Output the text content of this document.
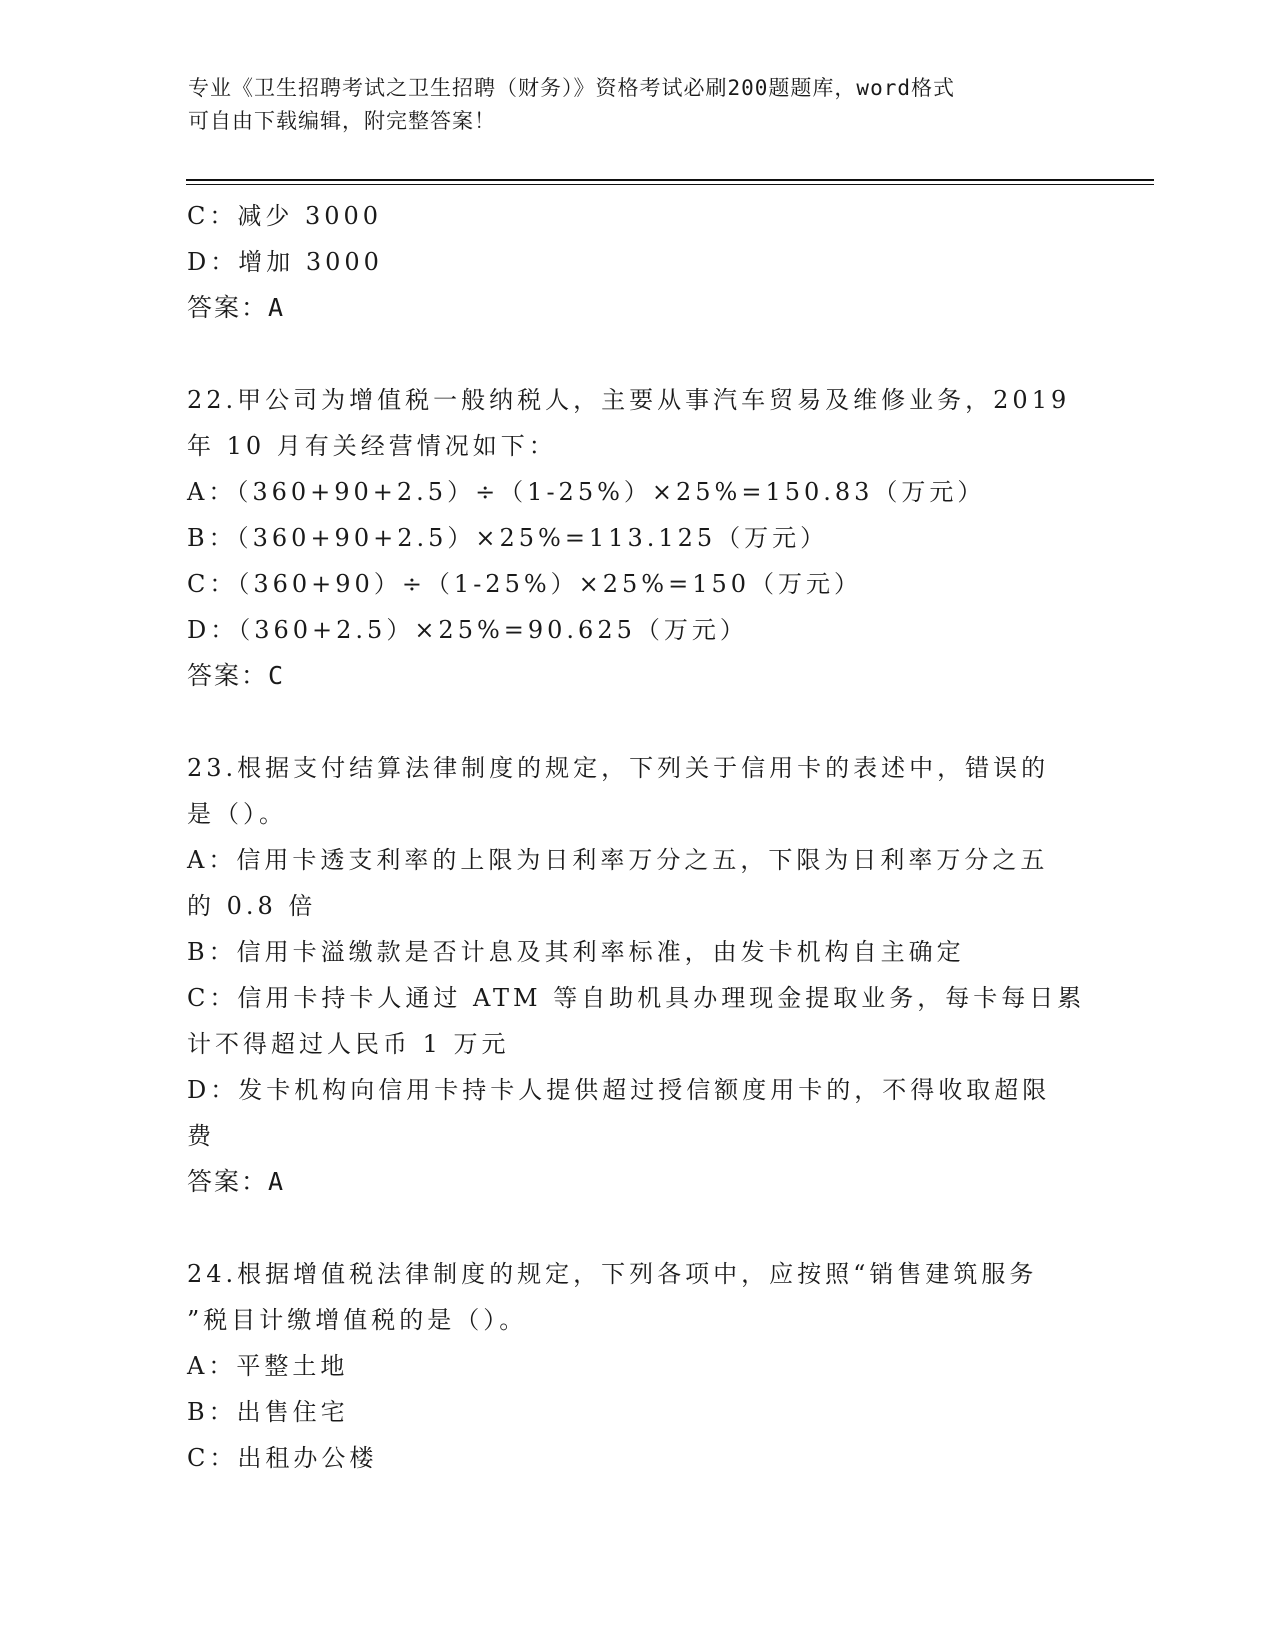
专业《卫生招聘考试之卫生招聘（财务）》资格考试必刷200题题库，word格式
可自由下载编辑，附完整答案！
C：减少 3000
D：增加 3000
答案：A
22.甲公司为增值税一般纳税人，主要从事汽车贸易及维修业务，2019
年 10 月有关经营情况如下：
A：（360+90+2.5）÷（1-25%）×25%=150.83（万元）
B：（360+90+2.5）×25%=113.125（万元）
C：（360+90）÷（1-25%）×25%=150（万元）
D：（360+2.5）×25%=90.625（万元）
答案：C
23.根据支付结算法律制度的规定，下列关于信用卡的表述中，错误的
是（）。
A：信用卡透支利率的上限为日利率万分之五，下限为日利率万分之五
的 0.8 倍
B：信用卡溢缴款是否计息及其利率标准，由发卡机构自主确定
C：信用卡持卡人通过 ATM 等自助机具办理现金提取业务，每卡每日累
计不得超过人民币 1 万元
D：发卡机构向信用卡持卡人提供超过授信额度用卡的，不得收取超限
费
答案：A
24.根据增值税法律制度的规定，下列各项中，应按照“销售建筑服务
”税目计缴增值税的是（）。
A：平整土地
B：出售住宅
C：出租办公楼
